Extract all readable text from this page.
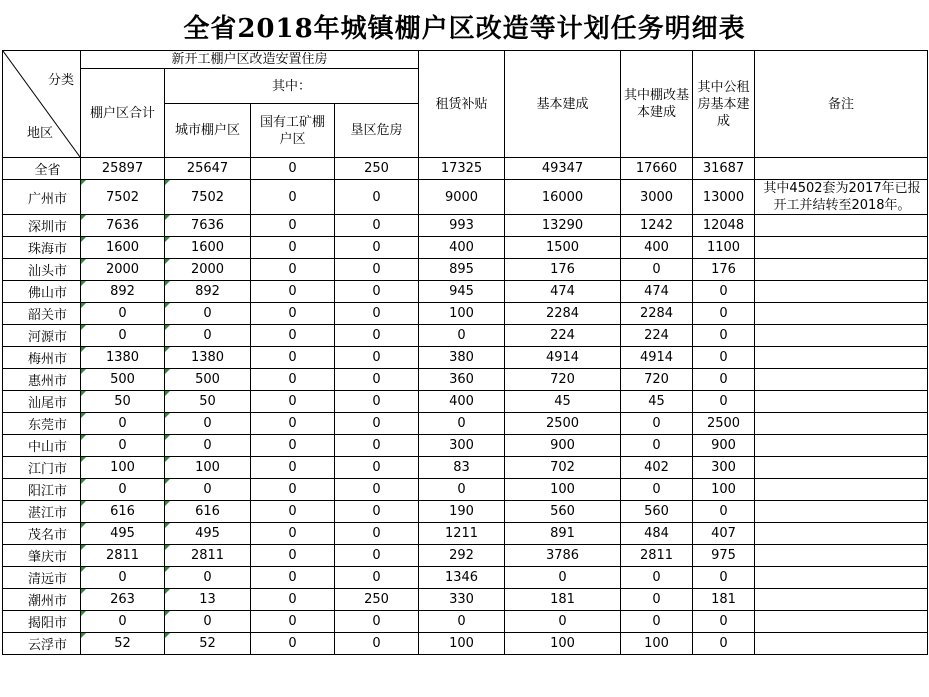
全省2018年城镇棚户区改造等计划任务明细表
分类
地区	新开工棚户区改造安置住房				租赁补贴	基本建成	其中棚改基本建成	其中公租房基本建成	备注
	棚户区合计	其中：							
		城市棚户区	国有工矿棚户区	垦区危房					
全省	25897	25647	0	250	17325	49347	17660	31687	
广州市	7502	7502	0	0	9000	16000	3000	13000	其中4502套为2017年已报开工并结转至2018年。
深圳市	7636	7636	0	0	993	13290	1242	12048	
珠海市	1600	1600	0	0	400	1500	400	1100	
汕头市	2000	2000	0	0	895	176	0	176	
佛山市	892	892	0	0	945	474	474	0	
韶关市	0	0	0	0	100	2284	2284	0	
河源市	0	0	0	0	0	224	224	0	
梅州市	1380	1380	0	0	380	4914	4914	0	
惠州市	500	500	0	0	360	720	720	0	
汕尾市	50	50	0	0	400	45	45	0	
东莞市	0	0	0	0	0	2500	0	2500	
中山市	0	0	0	0	300	900	0	900	
江门市	100	100	0	0	83	702	402	300	
阳江市	0	0	0	0	0	100	0	100	
湛江市	616	616	0	0	190	560	560	0	
茂名市	495	495	0	0	1211	891	484	407	
肇庆市	2811	2811	0	0	292	3786	2811	975	
清远市	0	0	0	0	1346	0	0	0	
潮州市	263	13	0	250	330	181	0	181	
揭阳市	0	0	0	0	0	0	0	0	
云浮市	52	52	0	0	100	100	100	0	
